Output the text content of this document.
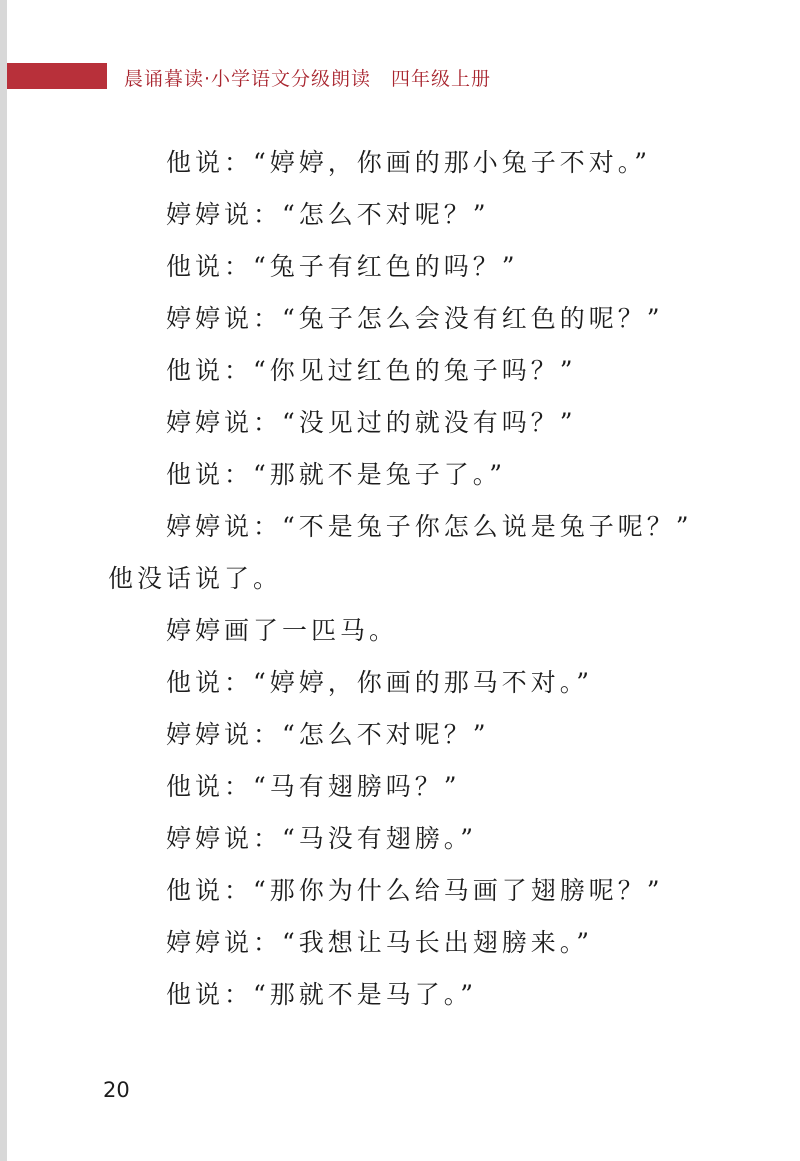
晨诵暮读·小学语文分级朗读　四年级上册
他说：“婷婷，你画的那小兔子不对。”
婷婷说：“怎么不对呢？”
他说：“兔子有红色的吗？”
婷婷说：“兔子怎么会没有红色的呢？”
他说：“你见过红色的兔子吗？”
婷婷说：“没见过的就没有吗？”
他说：“那就不是兔子了。”
婷婷说：“不是兔子你怎么说是兔子呢？”
他没话说了。
婷婷画了一匹马。
他说：“婷婷，你画的那马不对。”
婷婷说：“怎么不对呢？”
他说：“马有翅膀吗？”
婷婷说：“马没有翅膀。”
他说：“那你为什么给马画了翅膀呢？”
婷婷说：“我想让马长出翅膀来。”
他说：“那就不是马了。”
20
